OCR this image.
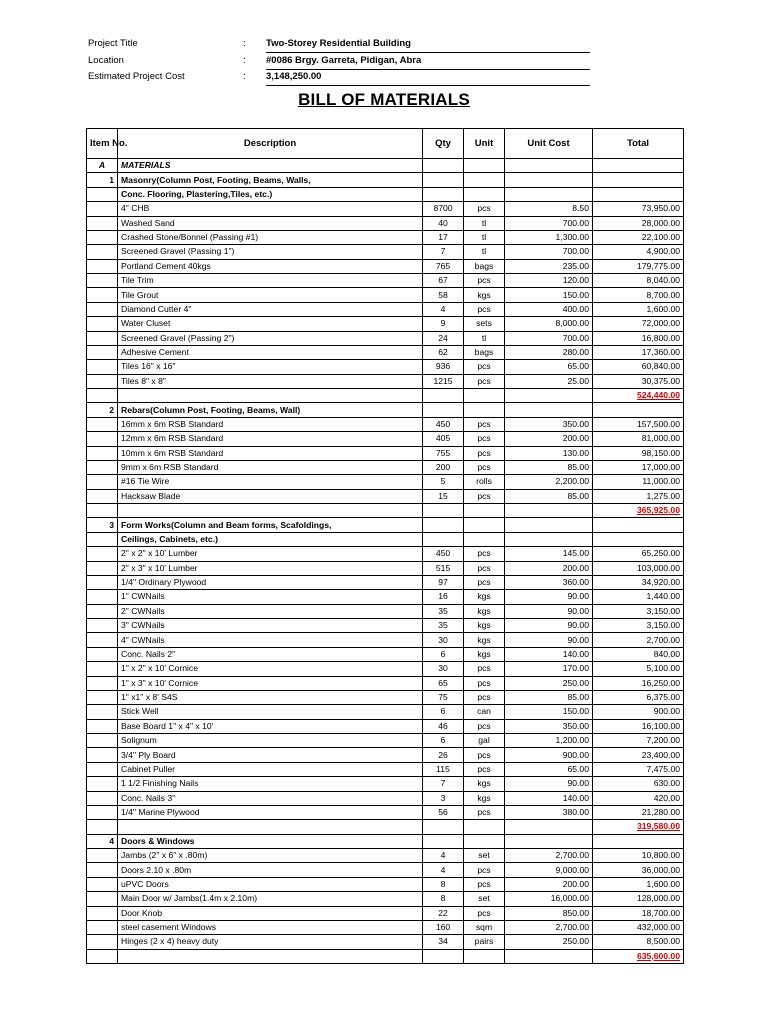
Project Title	: Two-Storey Residential Building
Location	: #0086 Brgy. Garreta, Pidigan, Abra
Estimated Project Cost	: 3,148,250.00
BILL OF MATERIALS
Item No.	Description	Qty	Unit	Unit Cost	Total
A	MATERIALS				
1	Masonry(Column Post, Footing, Beams, Walls,				
	Conc. Flooring, Plastering,Tiles, etc.)				
	4" CHB	8700	pcs	8.50	73,950.00
	Washed Sand	40	tl	700.00	28,000.00
	Crashed Stone/Bonnel (Passing #1)	17	tl	1,300.00	22,100.00
	Screened Gravel (Passing 1")	7	tl	700.00	4,900.00
	Portland Cement 40kgs	765	bags	235.00	179,775.00
	Tile Trim	67	pcs	120.00	8,040.00
	Tile Grout	58	kgs	150.00	8,700.00
	Diamond Cutter 4"	4	pcs	400.00	1,600.00
	Water Cluset	9	sets	8,000.00	72,000.00
	Screened Gravel (Passing 2")	24	tl	700.00	16,800.00
	Adhesive Cement	62	bags	280.00	17,360.00
	Tiles 16" x 16"	936	pcs	65.00	60,840.00
	Tiles 8" x 8"	1215	pcs	25.00	30,375.00
					524,440.00
2	Rebars(Column Post, Footing, Beams, Wall)				
	16mm x 6m RSB Standard	450	pcs	350.00	157,500.00
	12mm x 6m RSB Standard	405	pcs	200.00	81,000.00
	10mm x 6m RSB Standard	755	pcs	130.00	98,150.00
	9mm x 6m RSB Standard	200	pcs	85.00	17,000.00
	#16 Tie Wire	5	rolls	2,200.00	11,000.00
	Hacksaw Blade	15	pcs	85.00	1,275.00
					365,925.00
3	Form Works(Column and Beam forms, Scafoldings,				
	Ceilings, Cabinets, etc.)				
	2" x 2" x 10' Lumber	450	pcs	145.00	65,250.00
	2" x 3" x 10' Lumber	515	pcs	200.00	103,000.00
	1/4" Ordinary Plywood	97	pcs	360.00	34,920.00
	1" CWNails	16	kgs	90.00	1,440.00
	2" CWNails	35	kgs	90.00	3,150.00
	3" CWNails	35	kgs	90.00	3,150.00
	4" CWNails	30	kgs	90.00	2,700.00
	Conc. Nails 2"	6	kgs	140.00	840.00
	1" x 2" x 10' Cornice	30	pcs	170.00	5,100.00
	1" x 3" x 10' Cornice	65	pcs	250.00	16,250.00
	1" x1" x 8' S4S	75	pcs	85.00	6,375.00
	Stick Well	6	can	150.00	900.00
	Base Board 1" x 4" x 10'	46	pcs	350.00	16,100.00
	Solignum	6	gal	1,200.00	7,200.00
	3/4" Ply Board	26	pcs	900.00	23,400.00
	Cabinet Puller	115	pcs	65.00	7,475.00
	1 1/2 Finishing Nails	7	kgs	90.00	630.00
	Conc. Nails 3"	3	kgs	140.00	420.00
	1/4" Marine Plywood	56	pcs	380.00	21,280.00
					319,580.00
4	Doors & Windows				
	Jambs (2" x 6" x .80m)	4	set	2,700.00	10,800.00
	Doors 2.10 x .80m	4	pcs	9,000.00	36,000.00
	uPVC Doors	8	pcs	200.00	1,600.00
	Main Door w/ Jambs(1.4m x 2.10m)	8	set	16,000.00	128,000.00
	Door Knob	22	pcs	850.00	18,700.00
	steel casement Windows	160	sqm	2,700.00	432,000.00
	Hinges (2 x 4) heavy duty	34	pairs	250.00	8,500.00
					635,600.00
